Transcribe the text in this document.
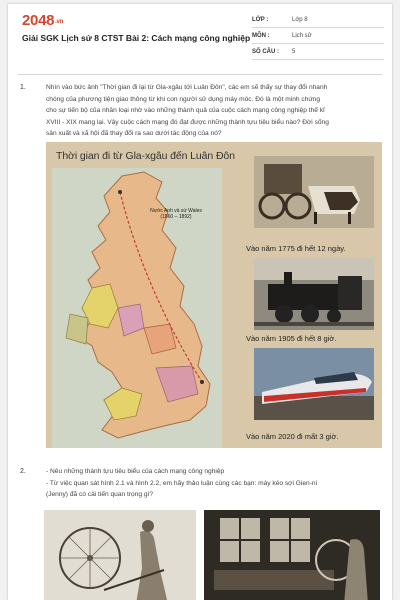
2048.vn
Giải SGK Lịch sử 8 CTST Bài 2: Cách mạng công nghiệp
LỚP :	Lớp 8
MÔN :	Lịch sử
SỐ CÂU : 5
1.	Nhìn vào bức ảnh "Thời gian đi lại từ Gla-xgâu tới Luân Đôn", các em sẽ thấy sự thay đổi nhanh
chóng của phương tiện giao thông từ khi con người sử dụng máy móc. Đó là một minh chứng
cho sự tiến bộ của nhân loại nhờ vào những thành quả của cuộc cách mạng công nghiệp thế kỉ
XVIII - XIX mang lại. Vậy cuộc cách mạng đó đạt được những thành tựu tiêu biểu nào? Đời sống
sản xuất và xã hội đã thay đổi ra sao dưới tác động của nó?
Thời gian đi từ Gla-xgâu đến Luân Đôn
Nước Anh và xứ Wales
(1860 – 1892)
Vào năm 1775 đi hết 12 ngày.
Vào năm 1905 đi hết 8 giờ.
Vào năm 2020 đi mất 3 giờ.
2.	- Nêu những thành tựu tiêu biểu của cách mạng công nghiệp
- Từ việc quan sát hình 2.1 và hình 2.2, em hãy thảo luận cùng các bạn: máy kéo sợi Gien-ni
(Jenny) đã có cải tiến quan trọng gì?
